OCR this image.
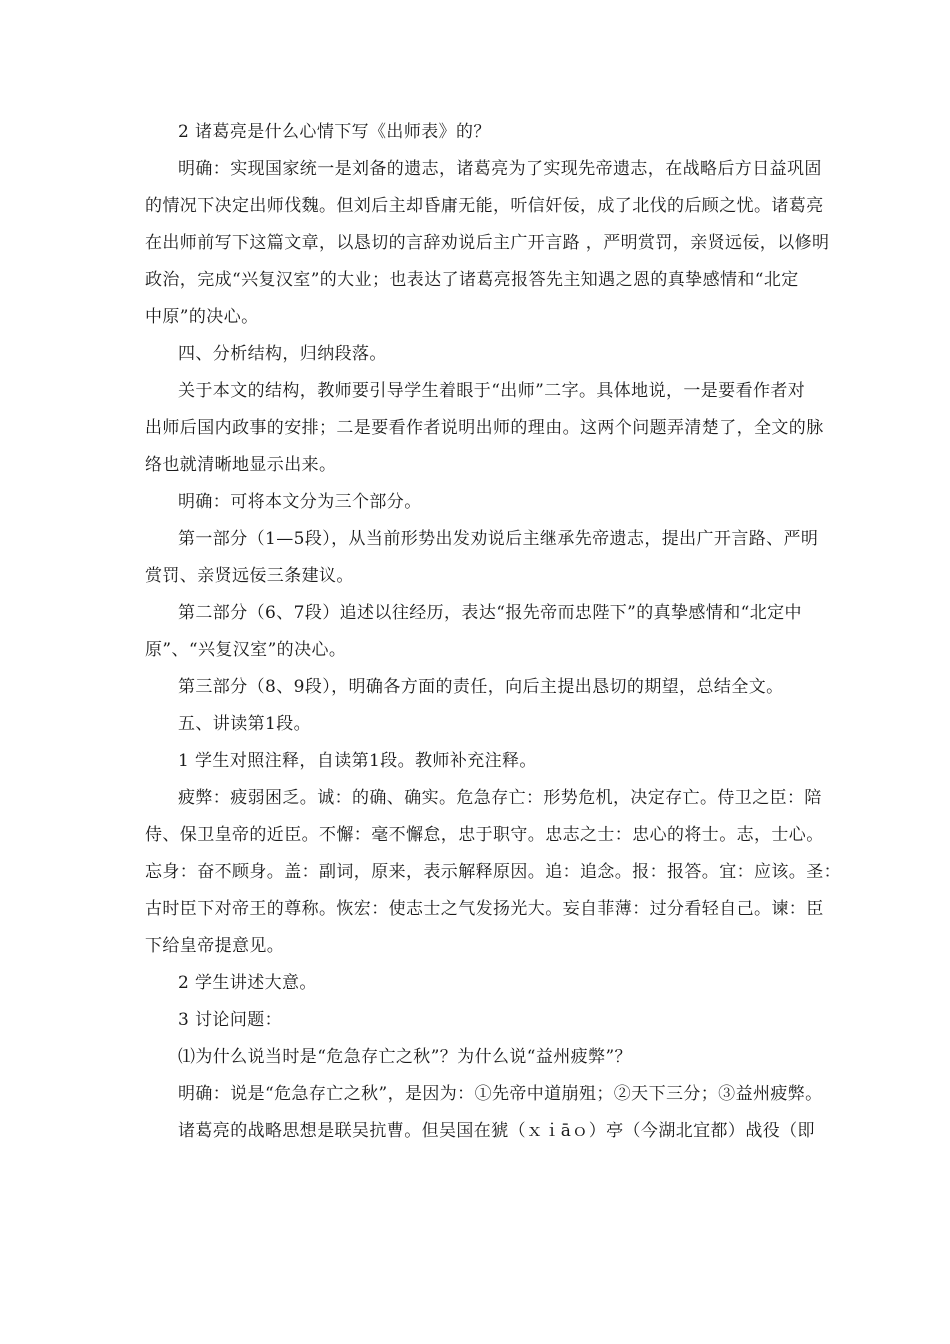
2 诸葛亮是什么心情下写《出师表》的？
明确：实现国家统一是刘备的遗志，诸葛亮为了实现先帝遗志，在战略后方日益巩固
的情况下决定出师伐魏。但刘后主却昏庸无能，听信奸佞，成了北伐的后顾之忧。诸葛亮
在出师前写下这篇文章，以恳切的言辞劝说后主广开言路 ，严明赏罚，亲贤远佞，以修明
政治，完成“兴复汉室”的大业；也表达了诸葛亮报答先主知遇之恩的真挚感情和“北定
中原”的决心。
四、分析结构，归纳段落。
关于本文的结构，教师要引导学生着眼于“出师”二字。具体地说，一是要看作者对
出师后国内政事的安排；二是要看作者说明出师的理由。这两个问题弄清楚了，全文的脉
络也就清晰地显示出来。
明确：可将本文分为三个部分。
第一部分（1—5段），从当前形势出发劝说后主继承先帝遗志，提出广开言路、严明
赏罚、亲贤远佞三条建议。
第二部分（6、7段）追述以往经历，表达“报先帝而忠陛下”的真挚感情和“北定中
原”、“兴复汉室”的决心。
第三部分（8、9段），明确各方面的责任，向后主提出恳切的期望，总结全文。
五、讲读第1段。
1 学生对照注释，自读第1段。教师补充注释。
疲弊：疲弱困乏。诚：的确、确实。危急存亡：形势危机，决定存亡。侍卫之臣：陪
侍、保卫皇帝的近臣。不懈：毫不懈怠，忠于职守。忠志之士：忠心的将士。志，士心。
忘身：奋不顾身。盖：副词，原来，表示解释原因。追：追念。报：报答。宜：应该。圣：
古时臣下对帝王的尊称。恢宏：使志士之气发扬光大。妄自菲薄：过分看轻自己。谏：臣
下给皇帝提意见。
2 学生讲述大意。
3 讨论问题：
⑴为什么说当时是“危急存亡之秋”？为什么说“益州疲弊”？
明确：说是“危急存亡之秋”，是因为：①先帝中道崩殂；②天下三分；③益州疲弊。
诸葛亮的战略思想是联吴抗曹。但吴国在猇（ｘｉāｏ）亭（今湖北宜都）战役（即
